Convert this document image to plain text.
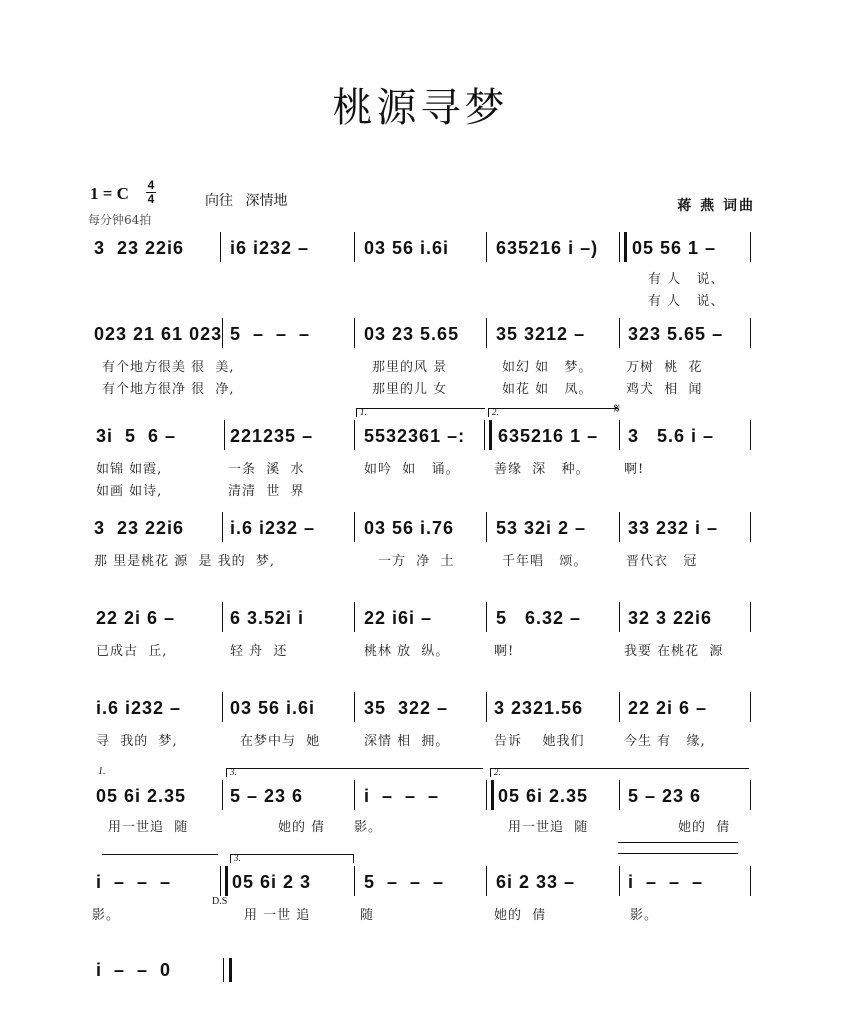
桃源寻梦
1 = C 4
4	向往 深情地
每分钟64拍
蒋 燕 词曲
3  23 22i6	i6 i232 –	03 56 i.6i	635216 i –) 05 56 1 –
有 人   说、
有 人   说、
023 21 61 023 5  –  –  –	03 23 5.65 35 3212 – 323 5.65 –
有个地方很美 很  美,	那里的风 景	如幻 如   梦。	万树  桃  花
有个地方很净 很  净,	那里的儿 女	如花 如   凤。	鸡犬  相  闻
1.	2.	𝄋
3i  5  6 –	221235 –	5532361 –: 635216 1 – 3   5.6 i –
如锦 如霞,	一条  溪  水	如吟  如   诵。	善缘  深   种。	啊!
如画 如诗,	清清  世  界
3  23 22i6	i.6 i232 –	03 56 i.76 53 32i 2 – 33 232 i –
那 里是桃花 源  是 我的  梦,	一方  净  土	千年唱   颂。	晋代衣   冠
22 2i 6 –	6 3.52i i	22 i6i –	5   6.32 –	32 3 22i6
已成古  丘,	轻 舟  还	桃林 放  纵。	啊!	我要 在桃花  源
i.6 i232 –	03 56 i.6i	35  322 –	3 2321.56 22 2i 6 –
寻  我的  梦,	在梦中与  她	深情 相  拥。	告诉    她我们	今生 有   缘,
1.	3.	2.
05 6i 2.35 5 – 23 6	i  –  –  –	05 6i 2.35 5 – 23 6
用一世追  随	她的 倩 影。	用一世追  随	她的  倩
3.
i  –  –  –
D.S
05 6i 2 3	5  –  –  –	6i 2 33 –	i  –  –  –
影。	用 一世 追	随	她的  倩	影。
i  –  –  0
